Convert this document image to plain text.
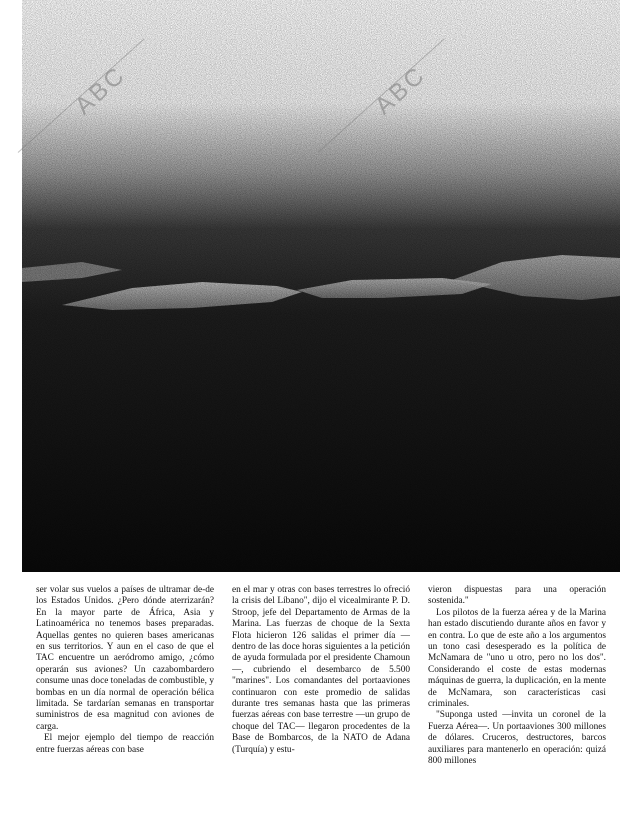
ABC	ABC

ser volar sus vuelos a países de ultramar de-de los Estados Unidos. ¿Pero dónde aterrizarán? En la mayor parte de África, Asia y Latinoamérica no tenemos bases preparadas. Aquellas gentes no quieren bases americanas en sus territorios. Y aun en el caso de que el TAC encuentre un aeródromo amigo, ¿cómo operarán sus aviones? Un cazabombardero consume unas doce toneladas de combustible, y bombas en un día normal de operación bélica limitada. Se tardarían semanas en transportar suministros de esa magnitud con aviones de carga.

El mejor ejemplo del tiempo de reacción entre fuerzas aéreas con base

en el mar y otras con bases terrestres lo ofreció la crisis del Líbano", dijo el vicealmirante P. D. Stroop, jefe del Departamento de Armas de la Marina. Las fuerzas de choque de la Sexta Flota hicieron 126 salidas el primer día —dentro de las doce horas siguientes a la petición de ayuda formulada por el presidente Chamoun—, cubriendo el desembarco de 5.500 "marines". Los comandantes del portaaviones continuaron con este promedio de salidas durante tres semanas hasta que las primeras fuerzas aéreas con base terrestre —un grupo de choque del TAC— llegaron procedentes de la Base de Bombarcos, de la NATO de Adana (Turquía) y estu-

vieron dispuestas para una operación sostenida."

Los pilotos de la fuerza aérea y de la Marina han estado discutiendo durante años en favor y en contra. Lo que de este año a los argumentos un tono casi desesperado es la política de McNamara de "uno u otro, pero no los dos". Considerando el coste de estas modernas máquinas de guerra, la duplicación, en la mente de McNamara, son características casi criminales.

"Suponga usted —invita un coronel de la Fuerza Aérea—. Un portaaviones 300 millones de dólares. Cruceros, destructores, barcos auxiliares para mantenerlo en operación: quizá 800 millones
